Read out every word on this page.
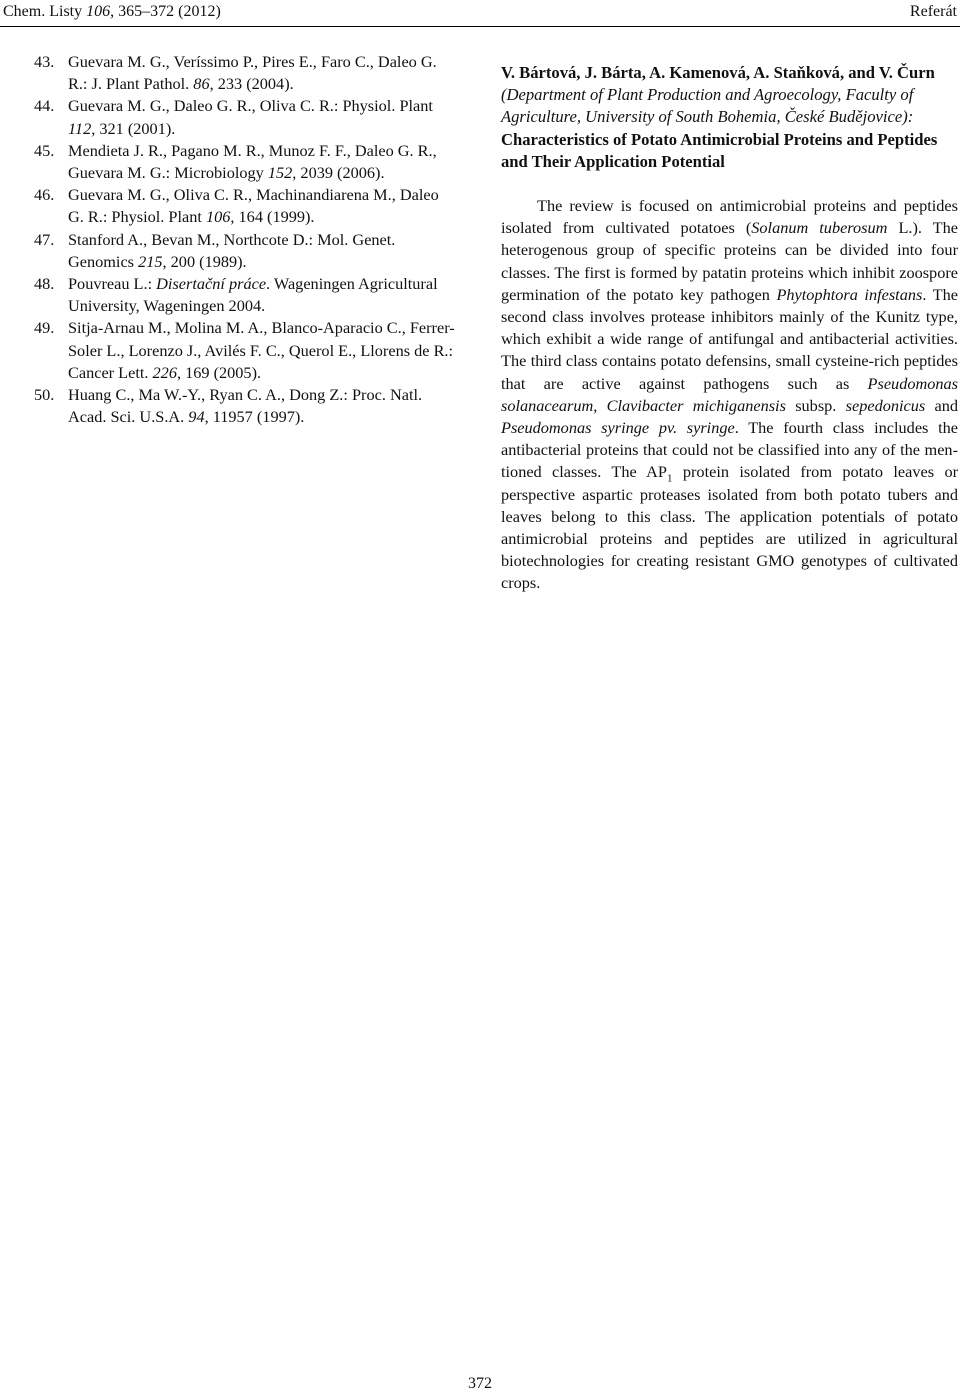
Chem. Listy 106, 365–372 (2012)	Referát
43. Guevara M. G., Veríssimo P., Pires E., Faro C., Daleo G. R.: J. Plant Pathol. 86, 233 (2004).
44. Guevara M. G., Daleo G. R., Oliva C. R.: Physiol. Plant 112, 321 (2001).
45. Mendieta J. R., Pagano M. R., Munoz F. F., Daleo G. R., Guevara M. G.: Microbiology 152, 2039 (2006).
46. Guevara M. G., Oliva C. R., Machinandiarena M., Daleo G. R.: Physiol. Plant 106, 164 (1999).
47. Stanford A., Bevan M., Northcote D.: Mol. Genet. Genomics 215, 200 (1989).
48. Pouvreau L.: Disertační práce. Wageningen Agricultural University, Wageningen 2004.
49. Sitja-Arnau M., Molina M. A., Blanco-Aparacio C., Ferrer-Soler L., Lorenzo J., Avilés F. C., Querol E., Llorens de R.: Cancer Lett. 226, 169 (2005).
50. Huang C., Ma W.-Y., Ryan C. A., Dong Z.: Proc. Natl. Acad. Sci. U.S.A. 94, 11957 (1997).
V. Bártová, J. Bárta, A. Kamenová, A. Staňková, and V. Čurn (Department of Plant Production and Agroecology, Faculty of Agriculture, University of South Bohemia, České Budějovice): Characteristics of Potato Antimicrobial Proteins and Peptides and Their Application Potential
The review is focused on antimicrobial proteins and peptides isolated from cultivated potatoes (Solanum tuberosum L.). The heterogenous group of specific proteins can be divided into four classes. The first is formed by patatin proteins which inhibit zoospore germination of the potato key pathogen Phytophtora infestans. The second class involves protease inhibitors mainly of the Kunitz type, which exhibit a wide range of antifungal and antibacterial activities. The third class contains potato defensins, small cysteine-rich peptides that are active against pathogens such as Pseudomonas solanacearum, Clavibacter michiganensis subsp. sepedonicus and Pseudomonas syringe pv. syringe. The fourth class includes the antibacterial proteins that could not be classified into any of the mentioned classes. The $AP_1$ protein isolated from potato leaves or perspective aspartic proteases isolated from both potato tubers and leaves belong to this class. The application potentials of potato antimicrobial proteins and peptides are utilized in agricultural biotechnologies for creating resistant GMO genotypes of cultivated crops.
372
